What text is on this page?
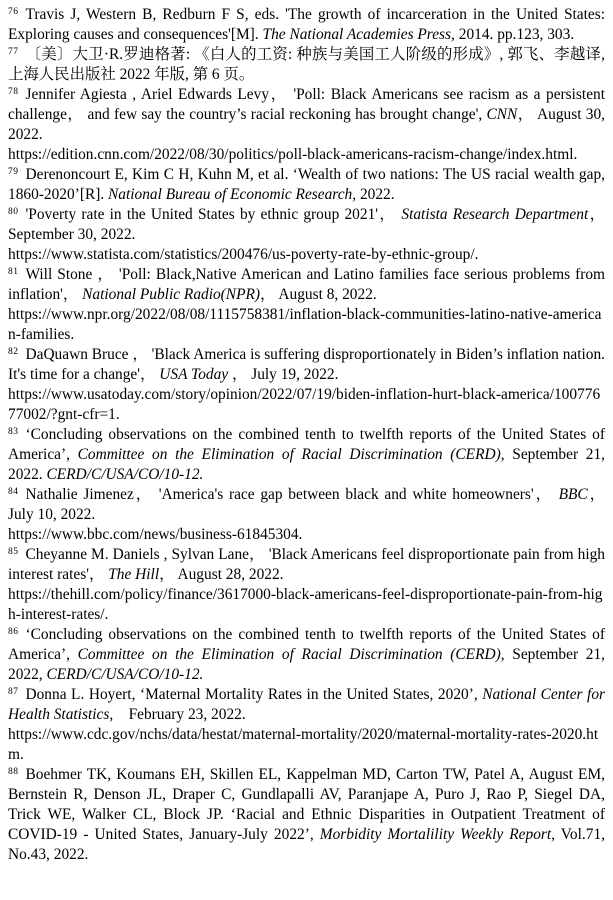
$^{76}$ Travis J, Western B, Redburn F S, eds. 'The growth of incarceration in the United States: Exploring causes and consequences'[M]. The National Academies Press, 2014. pp.123, 303.

$^{77}$ 〔美〕大卫·R.罗迪格著: 《白人的工资: 种族与美国工人阶级的形成》, 郭飞、李越译, 上海人民出版社 2022 年版, 第 6 页。

$^{78}$ Jennifer Agiesta , Ariel Edwards Levy， 'Poll: Black Americans see racism as a persistent challenge， and few say the country’s racial reckoning has brought change', CNN， August 30, 2022.
https://edition.cnn.com/2022/08/30/politics/poll-black-americans-racism-change/index.html.

$^{79}$ Derenoncourt E, Kim C H, Kuhn M, et al. ‘Wealth of two nations: The US racial wealth gap, 1860-2020’[R]. National Bureau of Economic Research, 2022.

$^{80}$ 'Poverty rate in the United States by ethnic group 2021'， Statista Research Department， September 30, 2022.
https://www.statista.com/statistics/200476/us-poverty-rate-by-ethnic-group/.

$^{81}$ Will Stone ， 'Poll: Black,Native American and Latino families face serious problems from inflation'， National Public Radio(NPR)， August 8, 2022.
https://www.npr.org/2022/08/08/1115758381/inflation-black-communities-latino-native-american-families.

$^{82}$ DaQuawn Bruce ， 'Black America is suffering disproportionately in Biden’s inflation nation. It's time for a change'， USA Today ， July 19, 2022.
https://www.usatoday.com/story/opinion/2022/07/19/biden-inflation-hurt-black-america/10077677002/?gnt-cfr=1.

$^{83}$ ‘Concluding observations on the combined tenth to twelfth reports of the United States of America’, Committee on the Elimination of Racial Discrimination (CERD), September 21, 2022. CERD/C/USA/CO/10-12.

$^{84}$ Nathalie Jimenez， 'America's race gap between black and white homeowners'， BBC， July 10, 2022.
https://www.bbc.com/news/business-61845304.

$^{85}$ Cheyanne M. Daniels , Sylvan Lane， 'Black Americans feel disproportionate pain from high interest rates'， The Hill， August 28, 2022.
https://thehill.com/policy/finance/3617000-black-americans-feel-disproportionate-pain-from-high-interest-rates/.

$^{86}$ ‘Concluding observations on the combined tenth to twelfth reports of the United States of America’, Committee on the Elimination of Racial Discrimination (CERD), September 21, 2022, CERD/C/USA/CO/10-12.

$^{87}$ Donna L. Hoyert, ‘Maternal Mortality Rates in the United States, 2020’, National Center for Health Statistics,　February 23, 2022.
https://www.cdc.gov/nchs/data/hestat/maternal-mortality/2020/maternal-mortality-rates-2020.htm.

$^{88}$ Boehmer TK, Koumans EH, Skillen EL, Kappelman MD, Carton TW, Patel A, August EM, Bernstein R, Denson JL, Draper C, Gundlapalli AV, Paranjape A, Puro J, Rao P, Siegel DA, Trick WE, Walker CL, Block JP. ‘Racial and Ethnic Disparities in Outpatient Treatment of COVID-19 - United States, January-July 2022’, Morbidity Mortalility Weekly Report, Vol.71, No.43, 2022.
